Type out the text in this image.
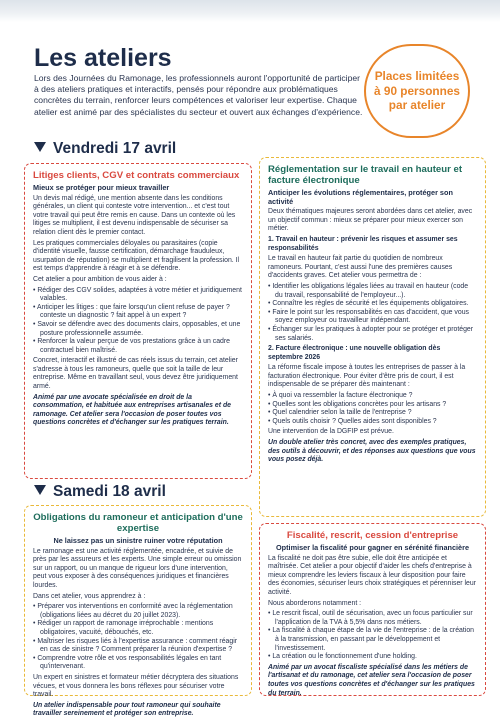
Les ateliers

Lors des Journées du Ramonage, les professionnels auront l'opportunité de participer à des ateliers pratiques et interactifs, pensés pour répondre aux problématiques concrètes du terrain, renforcer leurs compétences et valoriser leur expertise. Chaque atelier est animé par des spécialistes du secteur et ouvert aux échanges d'expérience.

Places limitées à 90 personnes par atelier
Vendredi 17 avril
Litiges clients, CGV et contrats commerciaux
Mieux se protéger pour mieux travailler

Un devis mal rédigé, une mention absente dans les conditions générales, un client qui conteste votre intervention... et c'est tout votre travail qui peut être remis en cause. Dans un contexte où les litiges se multiplient, il est devenu indispensable de sécuriser sa relation client dès le premier contact.

Les pratiques commerciales déloyales ou parasitaires (copie d'identité visuelle, fausse certification, démarchage frauduleux, usurpation de réputation) se multiplient et fragilisent la profession. Il est temps d'apprendre à réagir et à se défendre.

Cet atelier a pour ambition de vous aider à :

• Rédiger des CGV solides, adaptées à votre métier et juridiquement valables.
• Anticiper les litiges : que faire lorsqu'un client refuse de payer ? conteste un diagnostic ? fait appel à un expert ?
• Savoir se défendre avec des documents clairs, opposables, et une posture professionnelle assumée.
• Renforcer la valeur perçue de vos prestations grâce à un cadre contractuel bien maîtrisé.

Concret, interactif et illustré de cas réels issus du terrain, cet atelier s'adresse à tous les ramoneurs, quelle que soit la taille de leur entreprise. Même en travaillant seul, vous devez être juridiquement armé.

Animé par une avocate spécialisée en droit de la consommation, et habituée aux entreprises artisanales et de ramonage. Cet atelier sera l'occasion de poser toutes vos questions concrètes et d'échanger sur les pratiques terrain.

Réglementation sur le travail en hauteur et facture électronique
Anticiper les évolutions réglementaires, protéger son activité

Deux thématiques majeures seront abordées dans cet atelier, avec un objectif commun : mieux se préparer pour mieux exercer son métier.

1. Travail en hauteur : prévenir les risques et assumer ses responsabilités

Le travail en hauteur fait partie du quotidien de nombreux ramoneurs. Pourtant, c'est aussi l'une des premières causes d'accidents graves. Cet atelier vous permettra de :

• Identifier les obligations légales liées au travail en hauteur (code du travail, responsabilité de l'employeur...).
• Connaître les règles de sécurité et les équipements obligatoires.
• Faire le point sur les responsabilités en cas d'accident, que vous soyez employeur ou travailleur indépendant.
• Échanger sur les pratiques à adopter pour se protéger et protéger ses salariés.

2. Facture électronique : une nouvelle obligation dès septembre 2026

La réforme fiscale impose à toutes les entreprises de passer à la facturation électronique. Pour éviter d'être pris de court, il est indispensable de se préparer dès maintenant :

• À quoi va ressembler la facture électronique ?
• Quelles sont les obligations concrètes pour les artisans ?
• Quel calendrier selon la taille de l'entreprise ?
• Quels outils choisir ? Quelles aides sont disponibles ?

Une intervention de la DGFIP est prévue.

Un double atelier très concret, avec des exemples pratiques, des outils à découvrir, et des réponses aux questions que vous vous posez déjà.

Samedi 18 avril
Obligations du ramoneur et anticipation d'une expertise
Ne laissez pas un sinistre ruiner votre réputation

Le ramonage est une activité réglementée, encadrée, et suivie de près par les assureurs et les experts. Une simple erreur ou omission sur un rapport, ou un manque de rigueur lors d'une intervention, peut vous exposer à des conséquences juridiques et financières lourdes.

Dans cet atelier, vous apprendrez à :

• Préparer vos interventions en conformité avec la réglementation (obligations liées au décret du 20 juillet 2023).
• Rédiger un rapport de ramonage irréprochable : mentions obligatoires, vacuité, débouchés, etc.
• Maîtriser les risques liés à l'expertise assurance : comment réagir en cas de sinistre ? Comment préparer la réunion d'expertise ?
• Comprendre votre rôle et vos responsabilités légales en tant qu'intervenant.

Un expert en sinistres et formateur métier décryptera des situations vécues, et vous donnera les bons réflexes pour sécuriser votre travail.

Un atelier indispensable pour tout ramoneur qui souhaite travailler sereinement et protéger son entreprise.

Fiscalité, rescrit, cession d'entreprise
Optimiser la fiscalité pour gagner en sérénité financière

La fiscalité ne doit pas être subie, elle doit être anticipée et maîtrisée. Cet atelier a pour objectif d'aider les chefs d'entreprise à mieux comprendre les leviers fiscaux à leur disposition pour faire des économies, sécuriser leurs choix stratégiques et pérenniser leur activité.

Nous aborderons notamment :

• Le rescrit fiscal, outil de sécurisation, avec un focus particulier sur l'application de la TVA à 5,5% dans nos métiers.
• La fiscalité à chaque étape de la vie de l'entreprise : de la création à la transmission, en passant par le développement et l'investissement.
• La création ou le fonctionnement d'une holding.

Animé par un avocat fiscaliste spécialisé dans les métiers de l'artisanat et du ramonage, cet atelier sera l'occasion de poser toutes vos questions concrètes et d'échanger sur les pratiques du terrain.
